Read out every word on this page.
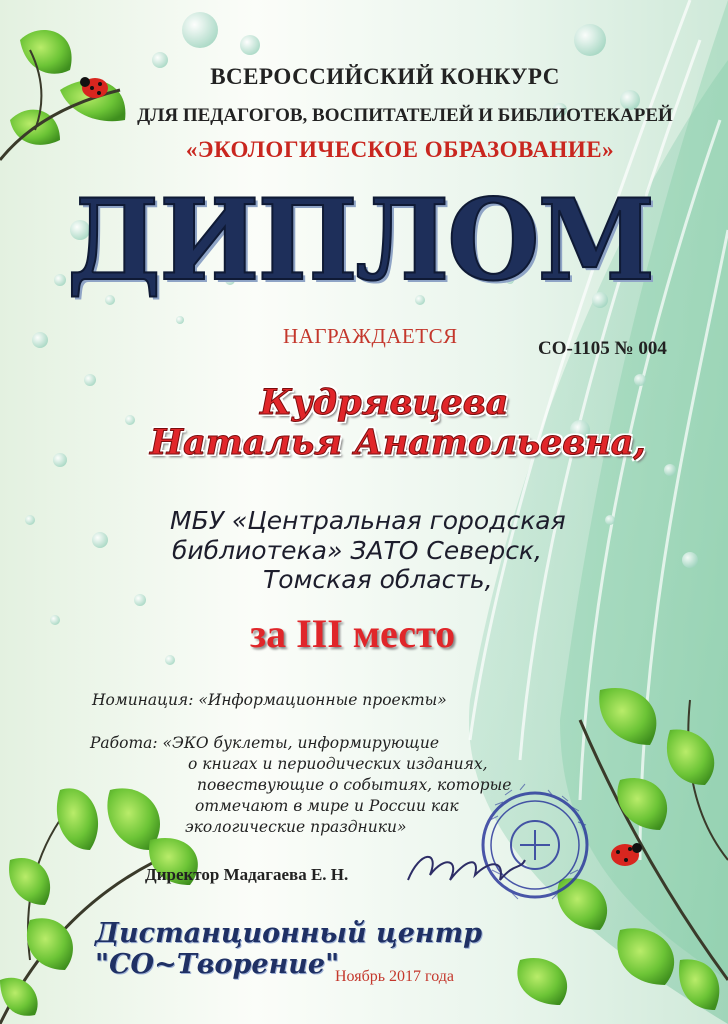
ВСЕРОССИЙСКИЙ КОНКУРС

ДЛЯ ПЕДАГОГОВ, ВОСПИТАТЕЛЕЙ И БИБЛИОТЕКАРЕЙ

«ЭКОЛОГИЧЕСКОЕ ОБРАЗОВАНИЕ»

ДИПЛОМ

НАГРАЖДАЕТСЯ

СО-1105 № 004

Кудрявцева

Наталья Анатольевна,

МБУ «Центральная городская

библиотека» ЗАТО Северск,

Томская область,

за III место

Номинация: «Информационные проекты»

Работа: «ЭКО буклеты, информирующие

о книгах и периодических изданиях,

повествующие о событиях, которые

отмечают в мире и России как

экологические праздники»

Директор Мадагаева Е. Н.

Дистанционный центр "СО~Творение"

Ноябрь 2017 года
